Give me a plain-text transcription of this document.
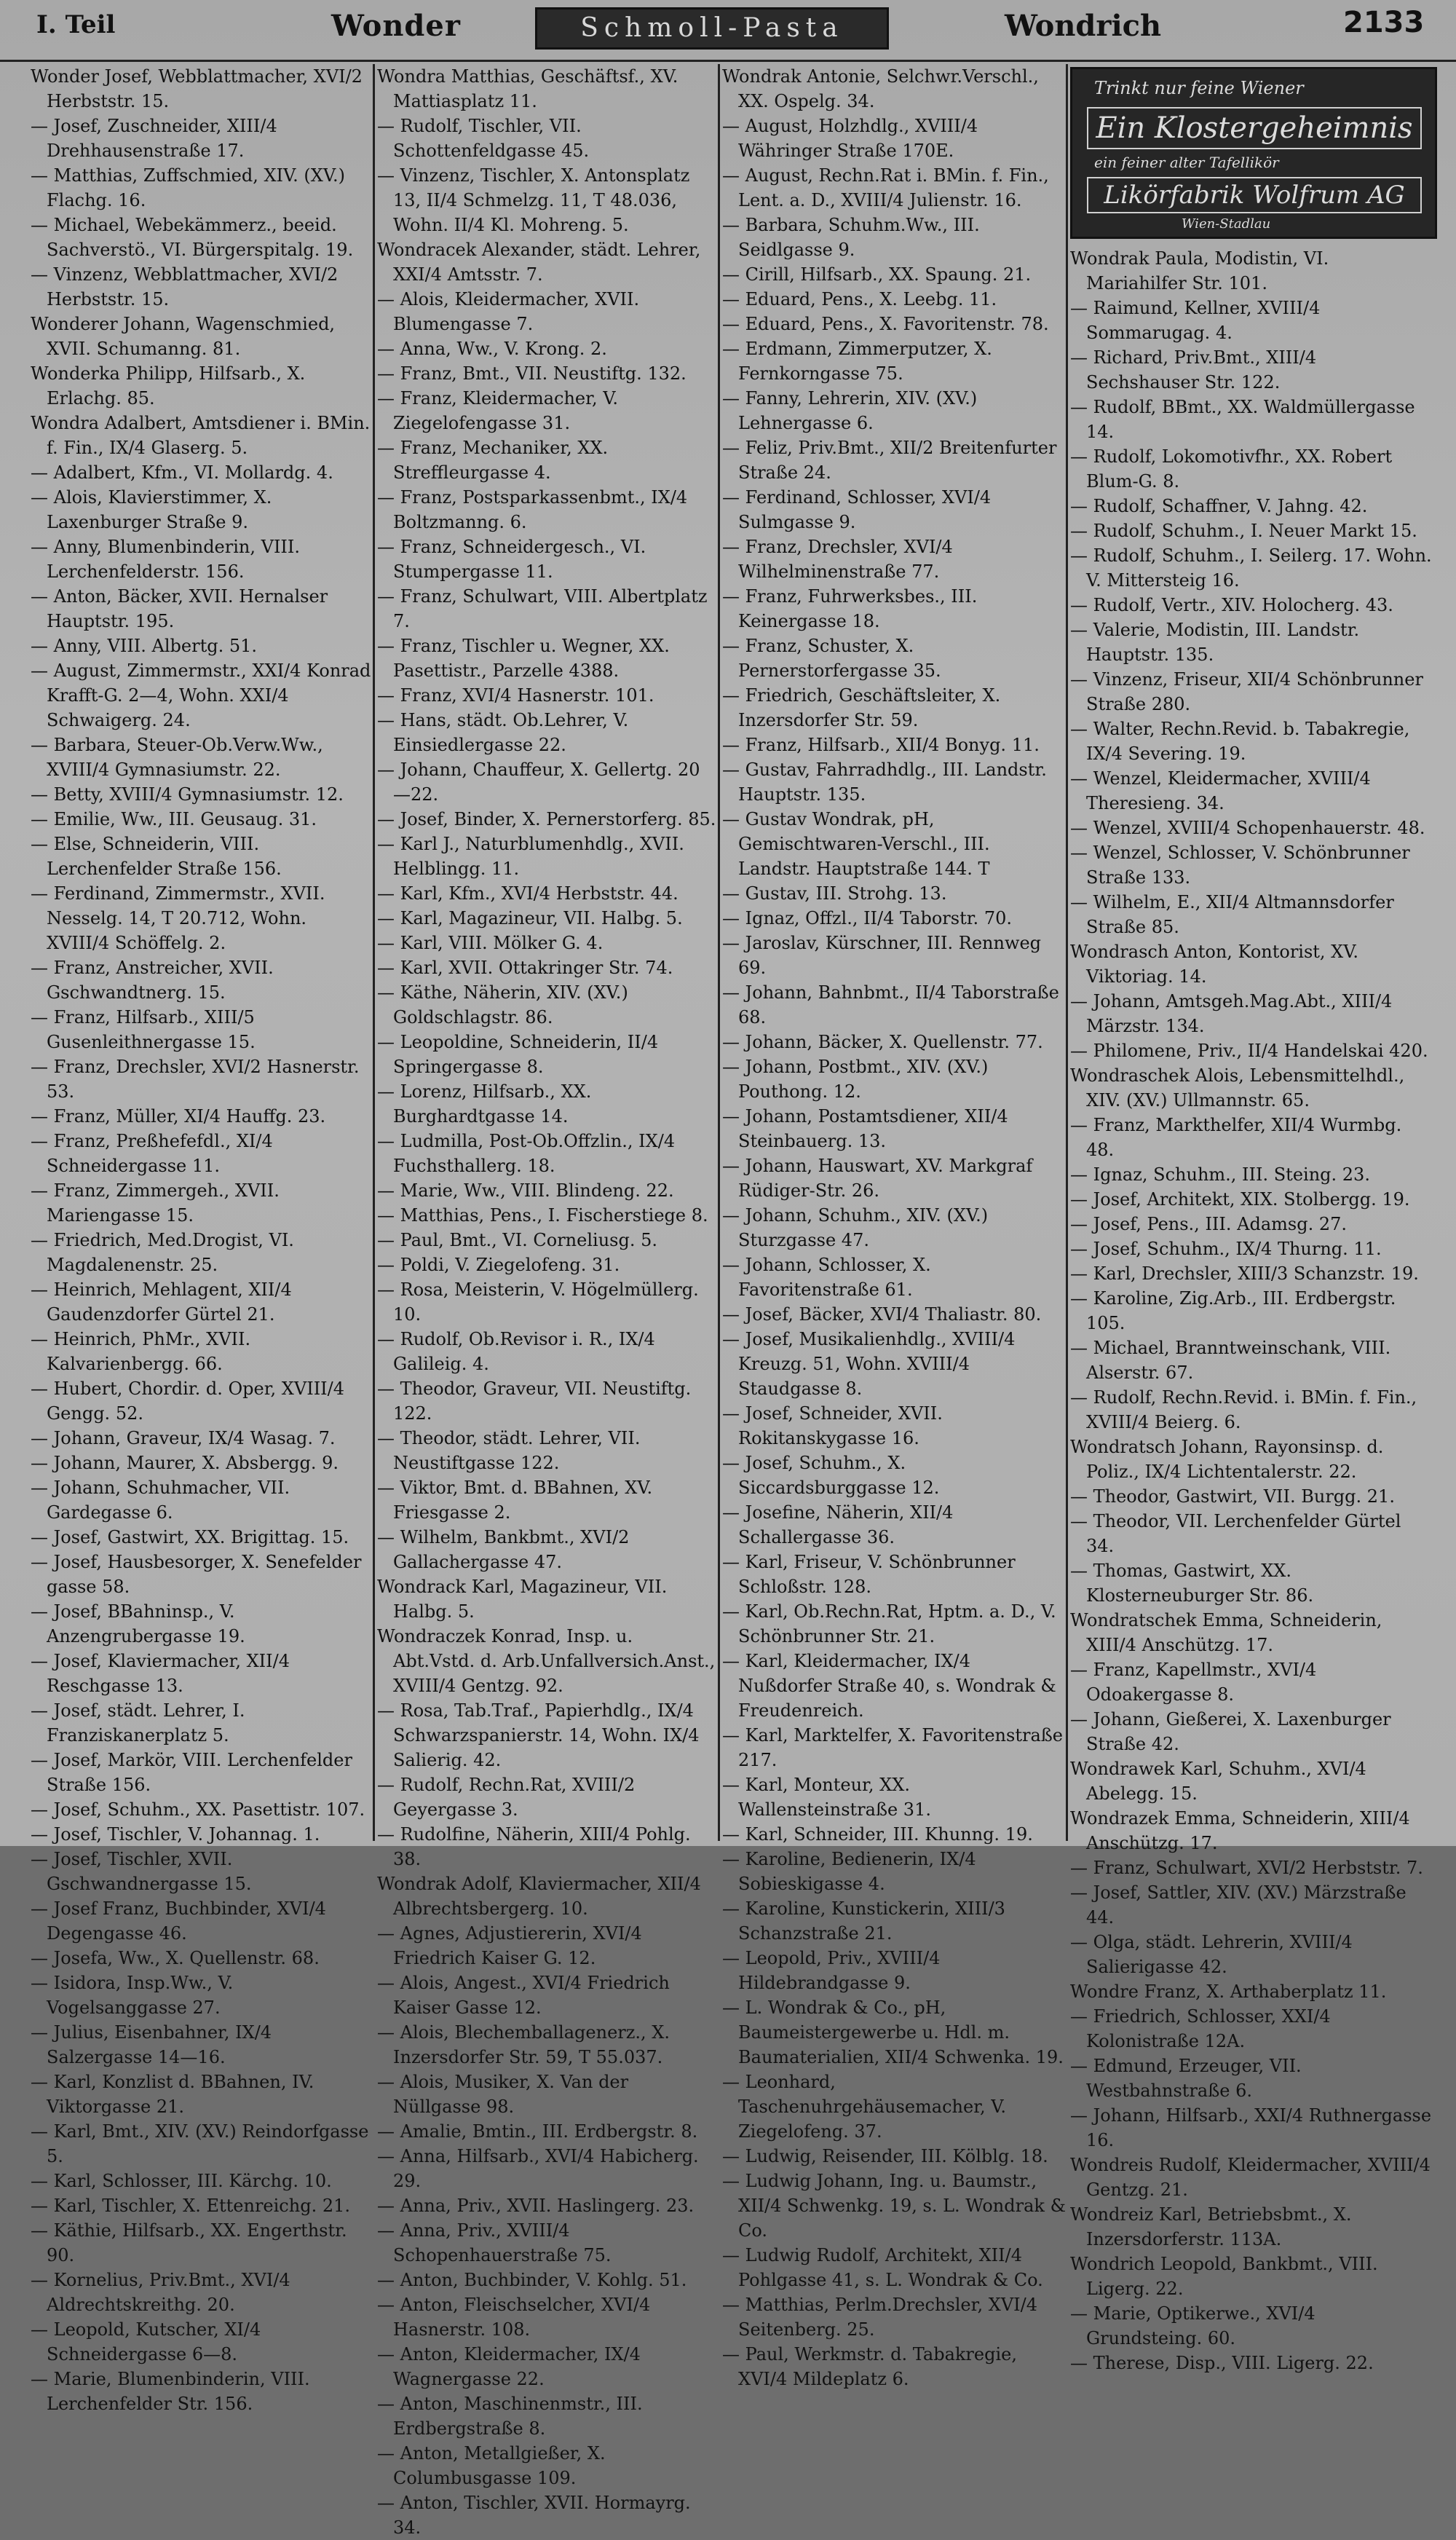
I. Teil	Wonder	Schmoll-Pasta	Wondrich	2133

Wonder Josef, Webblattmacher, XVI/2 Herbststr. 15.

— Josef, Zuschneider, XIII/4 Drehhausenstraße 17.

— Matthias, Zuffschmied, XIV. (XV.) Flachg. 16.

— Michael, Webekämmerz., beeid. Sachverstö., VI. Bürgerspitalg. 19.

— Vinzenz, Webblattmacher, XVI/2 Herbststr. 15.

Wonderer Johann, Wagenschmied, XVII. Schumanng. 81.

Wonderka Philipp, Hilfsarb., X. Erlachg. 85.

Wondra Adalbert, Amtsdiener i. BMin. f. Fin., IX/4 Glaserg. 5.

— Adalbert, Kfm., VI. Mollardg. 4.

— Alois, Klavierstimmer, X. Laxenburger Straße 9.

— Anny, Blumenbinderin, VIII. Lerchenfelderstr. 156.

— Anton, Bäcker, XVII. Hernalser Hauptstr. 195.

— Anny, VIII. Albertg. 51.

— August, Zimmermstr., XXI/4 Konrad Krafft-G. 2—4, Wohn. XXI/4 Schwaigerg. 24.

— Barbara, Steuer-Ob.Verw.Ww., XVIII/4 Gymnasiumstr. 22.

— Betty, XVIII/4 Gymnasiumstr. 12.

— Emilie, Ww., III. Geusaug. 31.

— Else, Schneiderin, VIII. Lerchenfelder Straße 156.

— Ferdinand, Zimmermstr., XVII. Nesselg. 14, T 20.712, Wohn. XVIII/4 Schöffelg. 2.

— Franz, Anstreicher, XVII. Gschwandtnerg. 15.

— Franz, Hilfsarb., XIII/5 Gusenleithnergasse 15.

— Franz, Drechsler, XVI/2 Hasnerstr. 53.

— Franz, Müller, XI/4 Hauffg. 23.

— Franz, Preßhefefdl., XI/4 Schneidergasse 11.

— Franz, Zimmergeh., XVII. Mariengasse 15.

— Friedrich, Med.Drogist, VI. Magdalenenstr. 25.

— Heinrich, Mehlagent, XII/4 Gaudenzdorfer Gürtel 21.

— Heinrich, PhMr., XVII. Kalvarienbergg. 66.

— Hubert, Chordir. d. Oper, XVIII/4 Gengg. 52.

— Johann, Graveur, IX/4 Wasag. 7.

— Johann, Maurer, X. Absbergg. 9.

— Johann, Schuhmacher, VII. Gardegasse 6.

— Josef, Gastwirt, XX. Brigittag. 15.

— Josef, Hausbesorger, X. Senefelder gasse 58.

— Josef, BBahninsp., V. Anzengrubergasse 19.

— Josef, Klaviermacher, XII/4 Reschgasse 13.

— Josef, städt. Lehrer, I. Franziskanerplatz 5.

— Josef, Markör, VIII. Lerchenfelder Straße 156.

— Josef, Schuhm., XX. Pasettistr. 107.

— Josef, Tischler, V. Johannag. 1.

— Josef, Tischler, XVII. Gschwandnergasse 15.

— Josef Franz, Buchbinder, XVI/4 Degengasse 46.

— Josefa, Ww., X. Quellenstr. 68.

— Isidora, Insp.Ww., V. Vogelsanggasse 27.

— Julius, Eisenbahner, IX/4 Salzergasse 14—16.

— Karl, Konzlist d. BBahnen, IV. Viktorgasse 21.

— Karl, Bmt., XIV. (XV.) Reindorfgasse 5.

— Karl, Schlosser, III. Kärchg. 10.

— Karl, Tischler, X. Ettenreichg. 21.

— Käthie, Hilfsarb., XX. Engerthstr. 90.

— Kornelius, Priv.Bmt., XVI/4 Aldrechtskreithg. 20.

— Leopold, Kutscher, XI/4 Schneidergasse 6—8.

— Marie, Blumenbinderin, VIII. Lerchenfelder Str. 156.

Wondra Matthias, Geschäftsf., XV. Mattiasplatz 11.

— Rudolf, Tischler, VII. Schottenfeldgasse 45.

— Vinzenz, Tischler, X. Antonsplatz 13, II/4 Schmelzg. 11, T 48.036, Wohn. II/4 Kl. Mohreng. 5.

Wondracek Alexander, städt. Lehrer, XXI/4 Amtsstr. 7.

— Alois, Kleidermacher, XVII. Blumengasse 7.

— Anna, Ww., V. Krong. 2.

— Franz, Bmt., VII. Neustiftg. 132.

— Franz, Kleidermacher, V. Ziegelofengasse 31.

— Franz, Mechaniker, XX. Streffleurgasse 4.

— Franz, Postsparkassenbmt., IX/4 Boltzmanng. 6.

— Franz, Schneidergesch., VI. Stumpergasse 11.

— Franz, Schulwart, VIII. Albertplatz 7.

— Franz, Tischler u. Wegner, XX. Pasettistr., Parzelle 4388.

— Franz, XVI/4 Hasnerstr. 101.

— Hans, städt. Ob.Lehrer, V. Einsiedlergasse 22.

— Johann, Chauffeur, X. Gellertg. 20—22.

— Josef, Binder, X. Pernerstorferg. 85.

— Karl J., Naturblumenhdlg., XVII. Helblingg. 11.

— Karl, Kfm., XVI/4 Herbststr. 44.

— Karl, Magazineur, VII. Halbg. 5.

— Karl, VIII. Mölker G. 4.

— Karl, XVII. Ottakringer Str. 74.

— Käthe, Näherin, XIV. (XV.) Goldschlagstr. 86.

— Leopoldine, Schneiderin, II/4 Springergasse 8.

— Lorenz, Hilfsarb., XX. Burghardtgasse 14.

— Ludmilla, Post-Ob.Offzlin., IX/4 Fuchsthallerg. 18.

— Marie, Ww., VIII. Blindeng. 22.

— Matthias, Pens., I. Fischerstiege 8.

— Paul, Bmt., VI. Corneliusg. 5.

— Poldi, V. Ziegelofeng. 31.

— Rosa, Meisterin, V. Högelmüllerg. 10.

— Rudolf, Ob.Revisor i. R., IX/4 Galileig. 4.

— Theodor, Graveur, VII. Neustiftg. 122.

— Theodor, städt. Lehrer, VII. Neustiftgasse 122.

— Viktor, Bmt. d. BBahnen, XV. Friesgasse 2.

— Wilhelm, Bankbmt., XVI/2 Gallachergasse 47.

Wondrack Karl, Magazineur, VII. Halbg. 5.

Wondraczek Konrad, Insp. u. Abt.Vstd. d. Arb.Unfallversich.Anst., XVIII/4 Gentzg. 92.

— Rosa, Tab.Traf., Papierhdlg., IX/4 Schwarzspanierstr. 14, Wohn. IX/4 Salierig. 42.

— Rudolf, Rechn.Rat, XVIII/2 Geyergasse 3.

— Rudolfine, Näherin, XIII/4 Pohlg. 38.

Wondrak Adolf, Klaviermacher, XII/4 Albrechtsbergerg. 10.

— Agnes, Adjustiererin, XVI/4 Friedrich Kaiser G. 12.

— Alois, Angest., XVI/4 Friedrich Kaiser Gasse 12.

— Alois, Blechemballagenerz., X. Inzersdorfer Str. 59, T 55.037.

— Alois, Musiker, X. Van der Nüllgasse 98.

— Amalie, Bmtin., III. Erdbergstr. 8.

— Anna, Hilfsarb., XVI/4 Habicherg. 29.

— Anna, Priv., XVII. Haslingerg. 23.

— Anna, Priv., XVIII/4 Schopenhauerstraße 75.

— Anton, Buchbinder, V. Kohlg. 51.

— Anton, Fleischselcher, XVI/4 Hasnerstr. 108.

— Anton, Kleidermacher, IX/4 Wagnergasse 22.

— Anton, Maschinenmstr., III. Erdbergstraße 8.

— Anton, Metallgießer, X. Columbusgasse 109.

— Anton, Tischler, XVII. Hormayrg. 34.

Wondrak Antonie, Selchwr.Verschl., XX. Ospelg. 34.

— August, Holzhdlg., XVIII/4 Währinger Straße 170E.

— August, Rechn.Rat i. BMin. f. Fin., Lent. a. D., XVIII/4 Julienstr. 16.

— Barbara, Schuhm.Ww., III. Seidlgasse 9.

— Cirill, Hilfsarb., XX. Spaung. 21.

— Eduard, Pens., X. Leebg. 11.

— Eduard, Pens., X. Favoritenstr. 78.

— Erdmann, Zimmerputzer, X. Fernkorngasse 75.

— Fanny, Lehrerin, XIV. (XV.) Lehnergasse 6.

— Feliz, Priv.Bmt., XII/2 Breitenfurter Straße 24.

— Ferdinand, Schlosser, XVI/4 Sulmgasse 9.

— Franz, Drechsler, XVI/4 Wilhelminenstraße 77.

— Franz, Fuhrwerksbes., III. Keinergasse 18.

— Franz, Schuster, X. Pernerstorfergasse 35.

— Friedrich, Geschäftsleiter, X. Inzersdorfer Str. 59.

— Franz, Hilfsarb., XII/4 Bonyg. 11.

— Gustav, Fahrradhdlg., III. Landstr. Hauptstr. 135.

— Gustav Wondrak, pH, Gemischtwaren-Verschl., III. Landstr. Hauptstraße 144. T

— Gustav, III. Strohg. 13.

— Ignaz, Offzl., II/4 Taborstr. 70.

— Jaroslav, Kürschner, III. Rennweg 69.

— Johann, Bahnbmt., II/4 Taborstraße 68.

— Johann, Bäcker, X. Quellenstr. 77.

— Johann, Postbmt., XIV. (XV.) Pouthong. 12.

— Johann, Postamtsdiener, XII/4 Steinbauerg. 13.

— Johann, Hauswart, XV. Markgraf Rüdiger-Str. 26.

— Johann, Schuhm., XIV. (XV.) Sturzgasse 47.

— Johann, Schlosser, X. Favoritenstraße 61.

— Josef, Bäcker, XVI/4 Thaliastr. 80.

— Josef, Musikalienhdlg., XVIII/4 Kreuzg. 51, Wohn. XVIII/4 Staudgasse 8.

— Josef, Schneider, XVII. Rokitanskygasse 16.

— Josef, Schuhm., X. Siccardsburggasse 12.

— Josefine, Näherin, XII/4 Schallergasse 36.

— Karl, Friseur, V. Schönbrunner Schloßstr. 128.

— Karl, Ob.Rechn.Rat, Hptm. a. D., V. Schönbrunner Str. 21.

— Karl, Kleidermacher, IX/4 Nußdorfer Straße 40, s. Wondrak & Freudenreich.

— Karl, Marktelfer, X. Favoritenstraße 217.

— Karl, Monteur, XX. Wallensteinstraße 31.

— Karl, Schneider, III. Khunng. 19.

— Karoline, Bedienerin, IX/4 Sobieskigasse 4.

— Karoline, Kunstickerin, XIII/3 Schanzstraße 21.

— Leopold, Priv., XVIII/4 Hildebrandgasse 9.

— L. Wondrak & Co., pH, Baumeistergewerbe u. Hdl. m. Baumaterialien, XII/4 Schwenka. 19.

— Leonhard, Taschenuhrgehäusemacher, V. Ziegelofeng. 37.

— Ludwig, Reisender, III. Kölblg. 18.

— Ludwig Johann, Ing. u. Baumstr., XII/4 Schwenkg. 19, s. L. Wondrak & Co.

— Ludwig Rudolf, Architekt, XII/4 Pohlgasse 41, s. L. Wondrak & Co.

— Matthias, Perlm.Drechsler, XVI/4 Seitenberg. 25.

— Paul, Werkmstr. d. Tabakregie, XVI/4 Mildeplatz 6.

Trinkt nur feine Wiener
Ein Klostergeheimnis
ein feiner alter Tafellikör
Likörfabrik Wolfrum AG
Wien-Stadlau

Wondrak Paula, Modistin, VI. Mariahilfer Str. 101.

— Raimund, Kellner, XVIII/4 Sommarugag. 4.

— Richard, Priv.Bmt., XIII/4 Sechshauser Str. 122.

— Rudolf, BBmt., XX. Waldmüllergasse 14.

— Rudolf, Lokomotivfhr., XX. Robert Blum-G. 8.

— Rudolf, Schaffner, V. Jahng. 42.

— Rudolf, Schuhm., I. Neuer Markt 15.

— Rudolf, Schuhm., I. Seilerg. 17. Wohn. V. Mittersteig 16.

— Rudolf, Vertr., XIV. Holocherg. 43.

— Valerie, Modistin, III. Landstr. Hauptstr. 135.

— Vinzenz, Friseur, XII/4 Schönbrunner Straße 280.

— Walter, Rechn.Revid. b. Tabakregie, IX/4 Severing. 19.

— Wenzel, Kleidermacher, XVIII/4 Theresieng. 34.

— Wenzel, XVIII/4 Schopenhauerstr. 48.

— Wenzel, Schlosser, V. Schönbrunner Straße 133.

— Wilhelm, E., XII/4 Altmannsdorfer Straße 85.

Wondrasch Anton, Kontorist, XV. Viktoriag. 14.

— Johann, Amtsgeh.Mag.Abt., XIII/4 Märzstr. 134.

— Philomene, Priv., II/4 Handelskai 420.

Wondraschek Alois, Lebensmittelhdl., XIV. (XV.) Ullmannstr. 65.

— Franz, Markthelfer, XII/4 Wurmbg. 48.

— Ignaz, Schuhm., III. Steing. 23.

— Josef, Architekt, XIX. Stolbergg. 19.

— Josef, Pens., III. Adamsg. 27.

— Josef, Schuhm., IX/4 Thurng. 11.

— Karl, Drechsler, XIII/3 Schanzstr. 19.

— Karoline, Zig.Arb., III. Erdbergstr. 105.

— Michael, Branntweinschank, VIII. Alserstr. 67.

— Rudolf, Rechn.Revid. i. BMin. f. Fin., XVIII/4 Beierg. 6.

Wondratsch Johann, Rayonsinsp. d. Poliz., IX/4 Lichtentalerstr. 22.

— Theodor, Gastwirt, VII. Burgg. 21.

— Theodor, VII. Lerchenfelder Gürtel 34.

— Thomas, Gastwirt, XX. Klosterneuburger Str. 86.

Wondratschek Emma, Schneiderin, XIII/4 Anschützg. 17.

— Franz, Kapellmstr., XVI/4 Odoakergasse 8.

— Johann, Gießerei, X. Laxenburger Straße 42.

Wondrawek Karl, Schuhm., XVI/4 Abelegg. 15.

Wondrazek Emma, Schneiderin, XIII/4 Anschützg. 17.

— Franz, Schulwart, XVI/2 Herbststr. 7.

— Josef, Sattler, XIV. (XV.) Märzstraße 44.

— Olga, städt. Lehrerin, XVIII/4 Salierigasse 42.

Wondre Franz, X. Arthaberplatz 11.

— Friedrich, Schlosser, XXI/4 Kolonistraße 12A.

— Edmund, Erzeuger, VII. Westbahnstraße 6.

— Johann, Hilfsarb., XXI/4 Ruthnergasse 16.

Wondreis Rudolf, Kleidermacher, XVIII/4 Gentzg. 21.

Wondreiz Karl, Betriebsbmt., X. Inzersdorferstr. 113A.

Wondrich Leopold, Bankbmt., VIII. Ligerg. 22.

— Marie, Optikerwe., XVI/4 Grundsteing. 60.

— Therese, Disp., VIII. Ligerg. 22.
